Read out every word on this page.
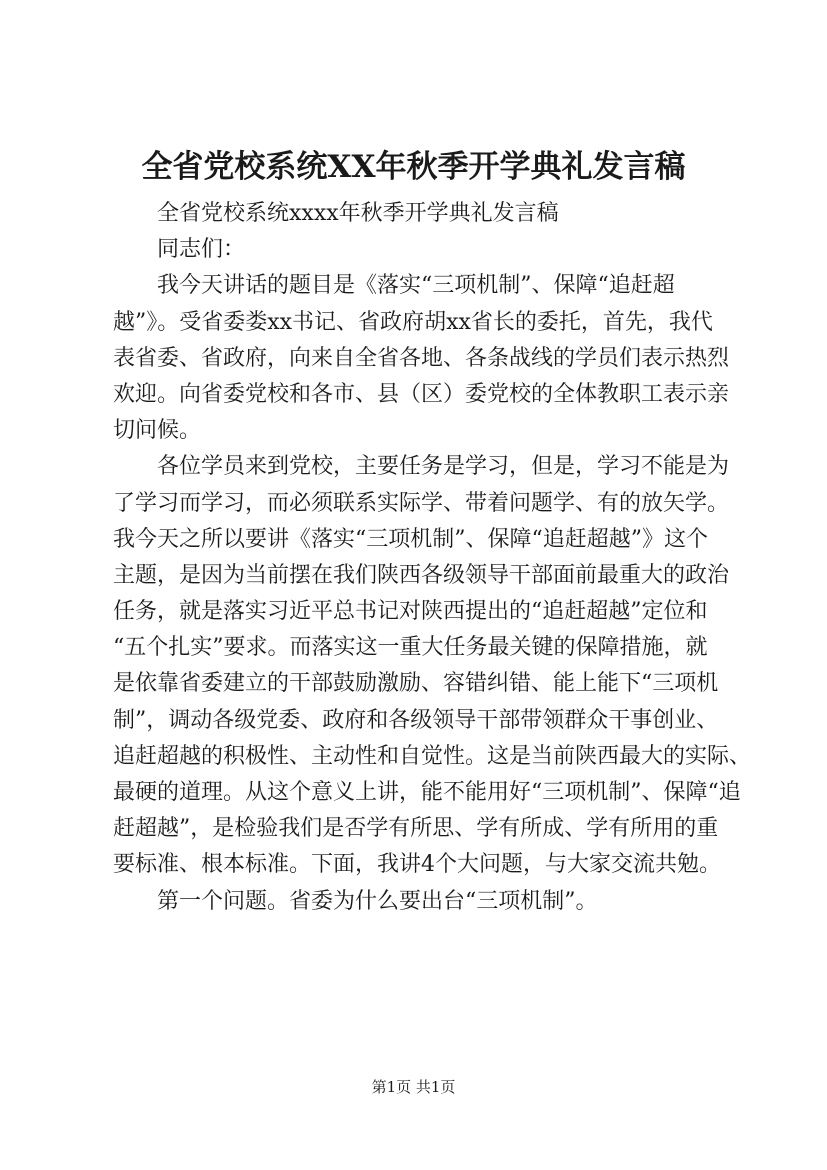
全省党校系统XX年秋季开学典礼发言稿
　　全省党校系统xxxx年秋季开学典礼发言稿
　　同志们：
　　我今天讲话的题目是《落实“三项机制”、保障“追赶超
越”》。受省委娄xx书记、省政府胡xx省长的委托，首先，我代
表省委、省政府，向来自全省各地、各条战线的学员们表示热烈
欢迎。向省委党校和各市、县（区）委党校的全体教职工表示亲
切问候。
　　各位学员来到党校，主要任务是学习，但是，学习不能是为
了学习而学习，而必须联系实际学、带着问题学、有的放矢学。
我今天之所以要讲《落实“三项机制”、保障“追赶超越”》这个
主题，是因为当前摆在我们陕西各级领导干部面前最重大的政治
任务，就是落实习近平总书记对陕西提出的“追赶超越”定位和
“五个扎实”要求。而落实这一重大任务最关键的保障措施，就
是依靠省委建立的干部鼓励激励、容错纠错、能上能下“三项机
制”，调动各级党委、政府和各级领导干部带领群众干事创业、
追赶超越的积极性、主动性和自觉性。这是当前陕西最大的实际、
最硬的道理。从这个意义上讲，能不能用好“三项机制”、保障“追
赶超越”，是检验我们是否学有所思、学有所成、学有所用的重
要标准、根本标准。下面，我讲4个大问题，与大家交流共勉。
　　第一个问题。省委为什么要出台“三项机制”。
第1页 共1页
